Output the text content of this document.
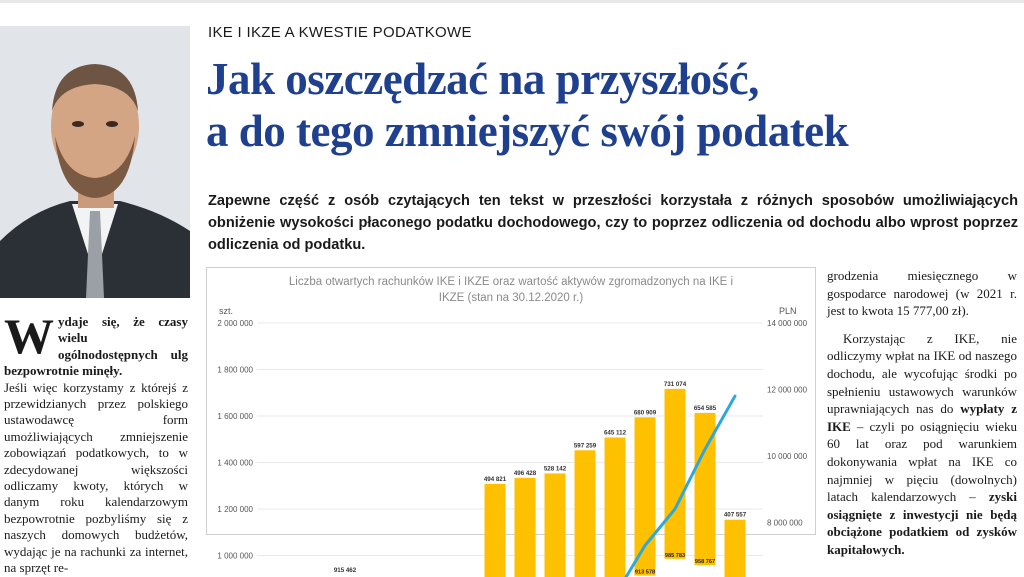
Wydaje się, że czasy wielu ogólnodostępnych ulg bezpowrotnie minęły.
Jeśli więc korzystamy z którejś z przewidzianych przez polskiego ustawodawcę form umożliwiających zmniejszenie zobowiązań podatkowych, to w zdecydowanej większości odliczamy kwoty, których w danym roku kalendarzowym bezpowrotnie pozbyliśmy się z naszych domowych budżetów, wydając je na rachunki za internet, na sprzęt re-
IKE I IKZE A KWESTIE PODATKOWE
Jak oszczędzać na przyszłość,
a do tego zmniejszyć swój podatek
Zapewne część z osób czytających ten tekst w przeszłości korzystała z różnych sposobów umożliwiających obniżenie wysokości płaconego podatku dochodowego, czy to poprzez odliczenia od dochodu albo wprost poprzez odliczenia od podatku.
Liczba otwartych rachunków IKE i IKZE oraz wartość aktywów zgromadzonych na IKE i
IKZE (stan na 30.12.2020 r.)
szt.	PLN
2 000 000
1 800 000
1 600 000
1 400 000
1 200 000
1 000 000
14 000 000
12 000 000
10 000 000
8 000 000
915 462
494 821
496 428
528 142
597 259
645 112
680 909
913 578
731 074
985 783
654 585
958 767
407 557

grodzenia miesięcznego w gospodarce narodowej (w 2021 r. jest to kwota 15 777,00 zł).

Korzystając z IKE, nie odliczymy wpłat na IKE od naszego dochodu, ale wycofując środki po spełnieniu ustawowych warunków uprawniających nas do wypłaty z IKE – czyli po osiągnięciu wieku 60 lat oraz pod warunkiem dokonywania wpłat na IKE co najmniej w pięciu (dowolnych) latach kalendarzowych – zyski osiągnięte z inwestycji nie będą obciążone podatkiem od zysków kapitałowych.
